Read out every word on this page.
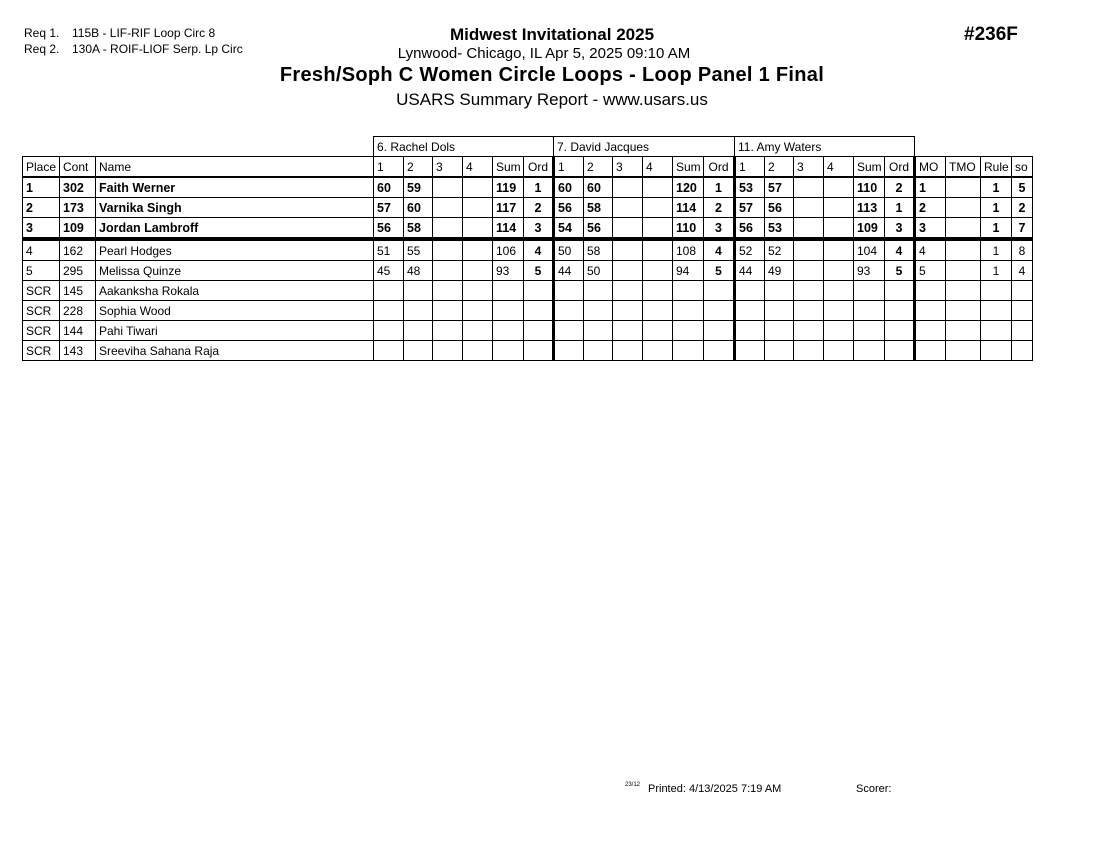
Req 1. 115B - LIF-RIF Loop Circ 8
Req 2. 130A - ROIF-LIOF Serp. Lp Circ
Midwest Invitational 2025
Lynwood- Chicago, IL Apr 5, 2025 09:10 AM
Fresh/Soph C Women Circle Loops - Loop Panel 1 Final
USARS Summary Report - www.usars.us
#236F
			6. Rachel Dols						7. David Jacques						11. Amy Waters									
Place	Cont	Name	1	2	3	4	Sum	Ord	1	2	3	4	Sum	Ord	1	2	3	4	Sum	Ord	MO	TMO	Rule	so
1	302	Faith Werner	60	59			119	1	60	60			120	1	53	57			110	2	1		1	5
2	173	Varnika Singh	57	60			117	2	56	58			114	2	57	56			113	1	2		1	2
3	109	Jordan Lambroff	56	58			114	3	54	56			110	3	56	53			109	3	3		1	7
4	162	Pearl Hodges	51	55			106	4	50	58			108	4	52	52			104	4	4		1	8
5	295	Melissa Quinze	45	48			93	5	44	50			94	5	44	49			93	5	5		1	4
SCR	145	Aakanksha Rokala																						
SCR	228	Sophia Wood																						
SCR	144	Pahi Tiwari																						
SCR	143	Sreeviha Sahana Raja																						
23/12 Printed: 4/13/2025 7:19 AM	Scorer:
